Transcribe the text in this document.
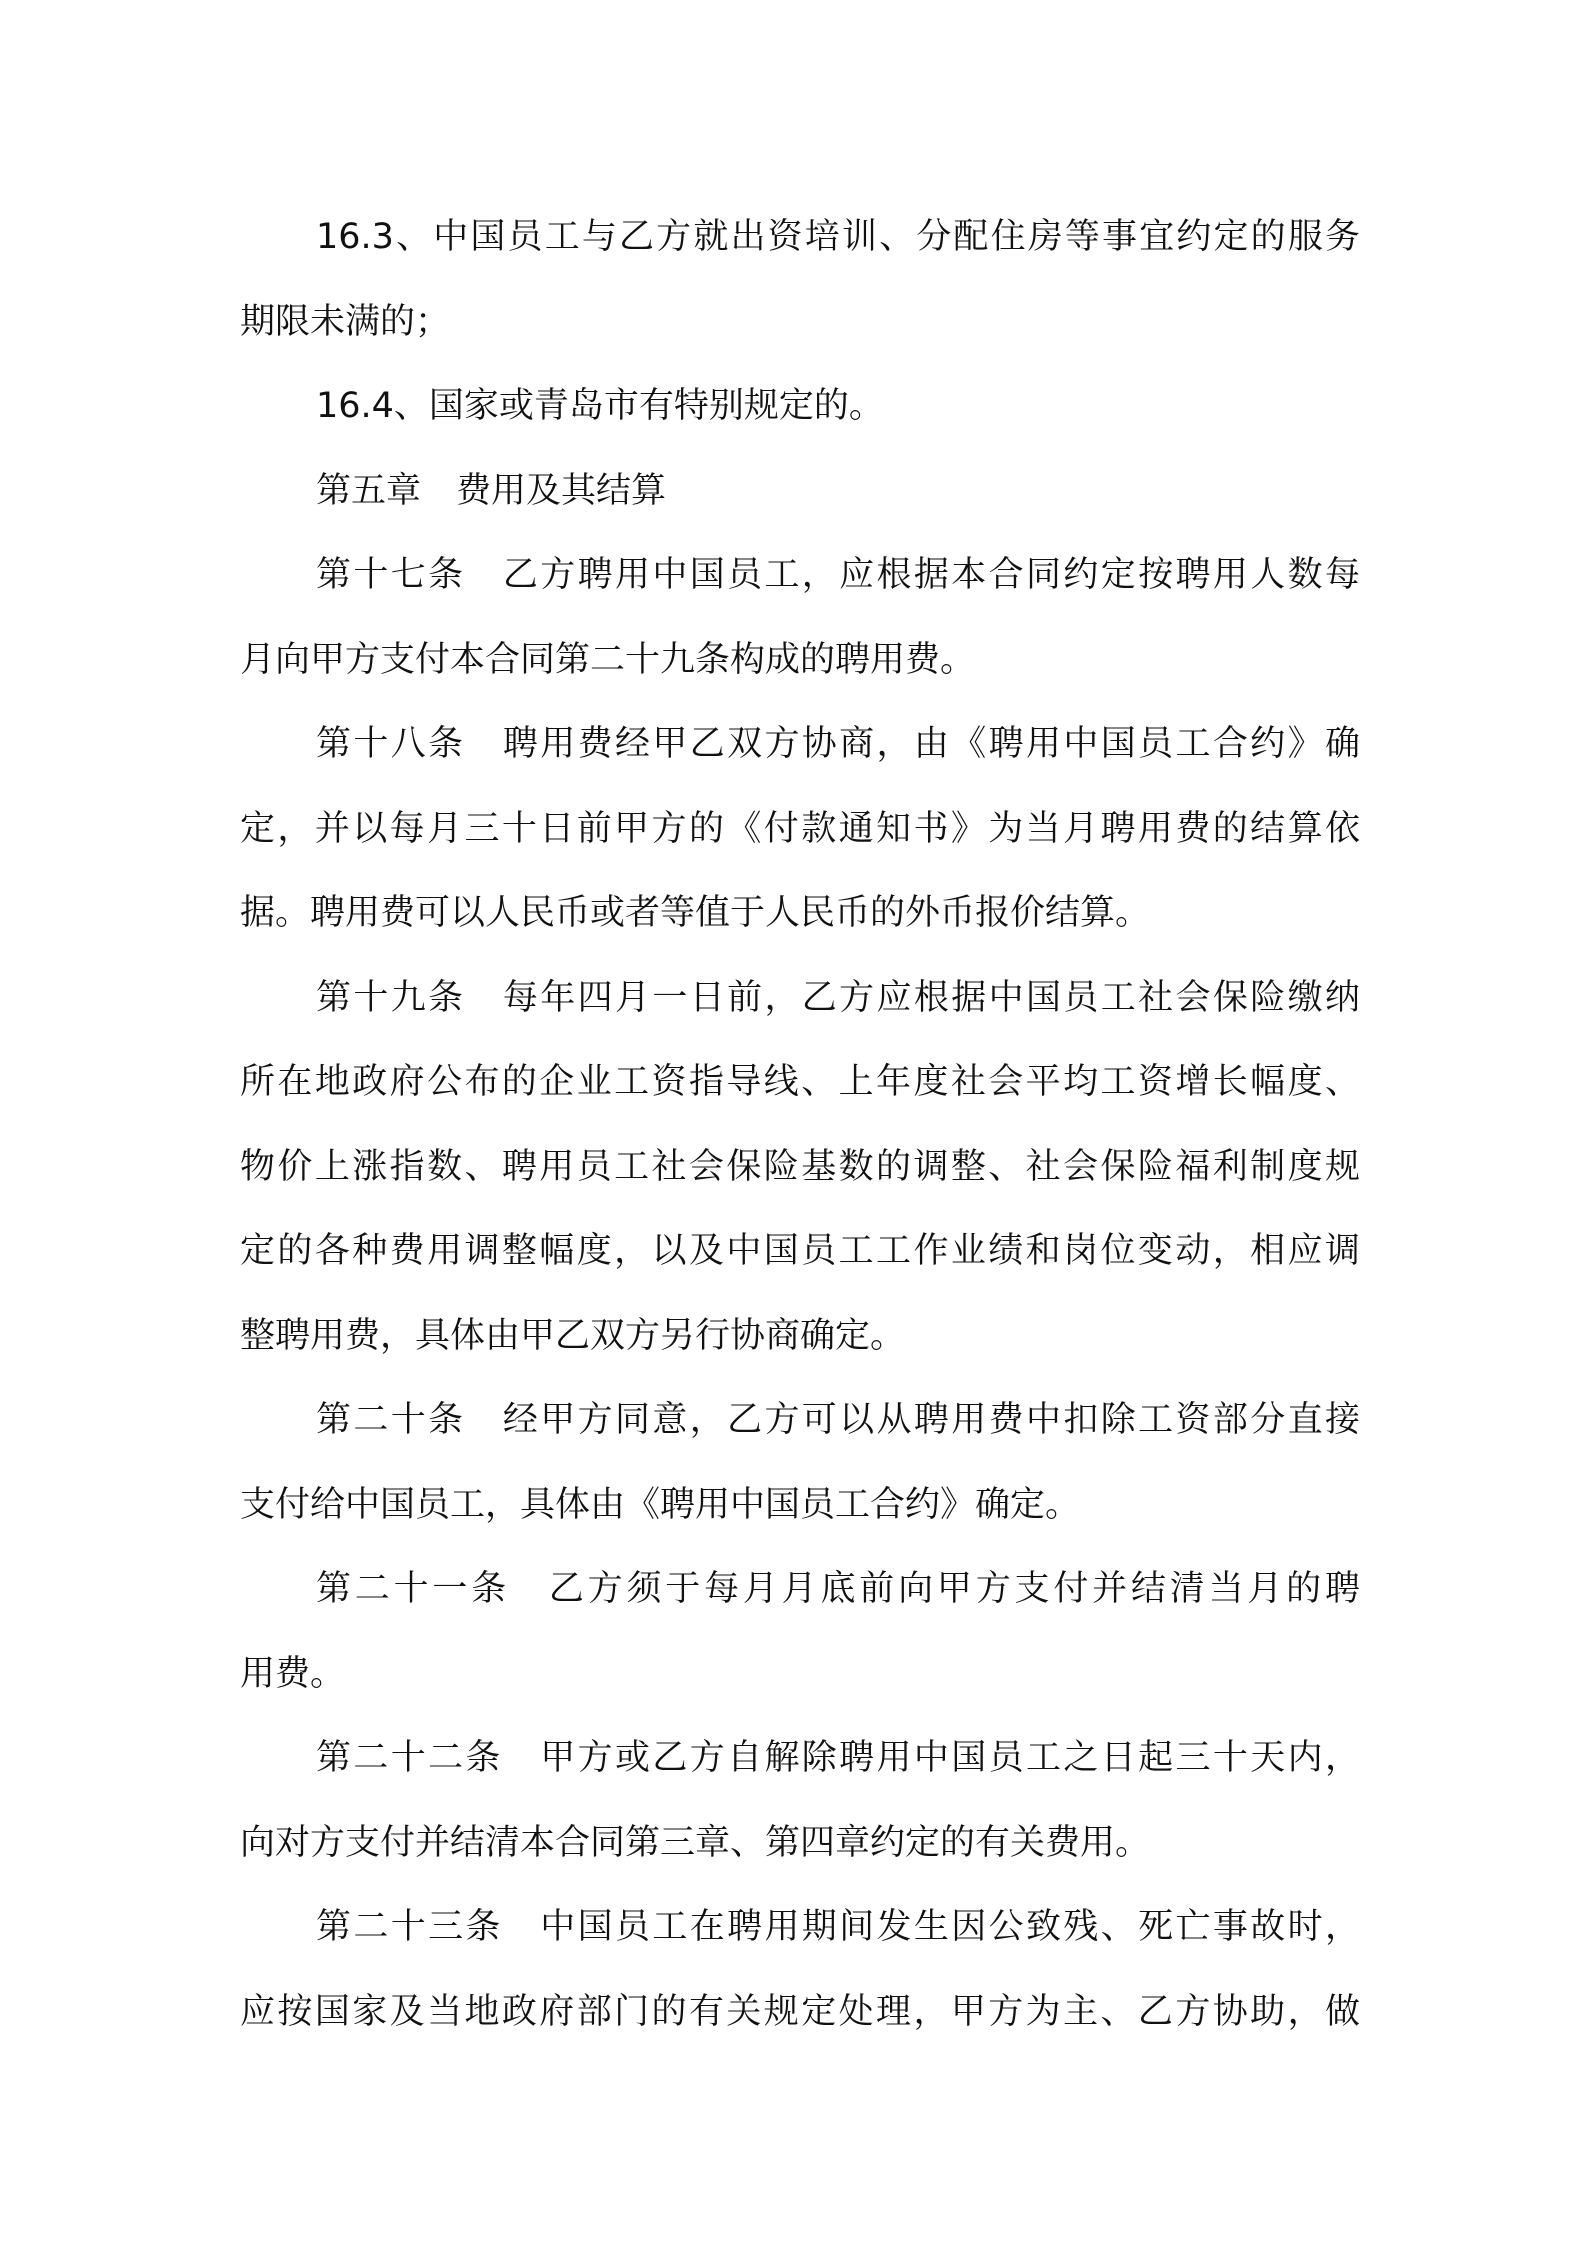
16.3、中国员工与乙方就出资培训、分配住房等事宜约定的服务
期限未满的；
16.4、国家或青岛市有特别规定的。
第五章　费用及其结算
第十七条　乙方聘用中国员工，应根据本合同约定按聘用人数每
月向甲方支付本合同第二十九条构成的聘用费。
第十八条　聘用费经甲乙双方协商，由《聘用中国员工合约》确
定，并以每月三十日前甲方的《付款通知书》为当月聘用费的结算依
据。聘用费可以人民币或者等值于人民币的外币报价结算。
第十九条　每年四月一日前，乙方应根据中国员工社会保险缴纳
所在地政府公布的企业工资指导线、上年度社会平均工资增长幅度、
物价上涨指数、聘用员工社会保险基数的调整、社会保险福利制度规
定的各种费用调整幅度，以及中国员工工作业绩和岗位变动，相应调
整聘用费，具体由甲乙双方另行协商确定。
第二十条　经甲方同意，乙方可以从聘用费中扣除工资部分直接
支付给中国员工，具体由《聘用中国员工合约》确定。
第二十一条　乙方须于每月月底前向甲方支付并结清当月的聘
用费。
第二十二条　甲方或乙方自解除聘用中国员工之日起三十天内，
向对方支付并结清本合同第三章、第四章约定的有关费用。
第二十三条　中国员工在聘用期间发生因公致残、死亡事故时，
应按国家及当地政府部门的有关规定处理，甲方为主、乙方协助，做
